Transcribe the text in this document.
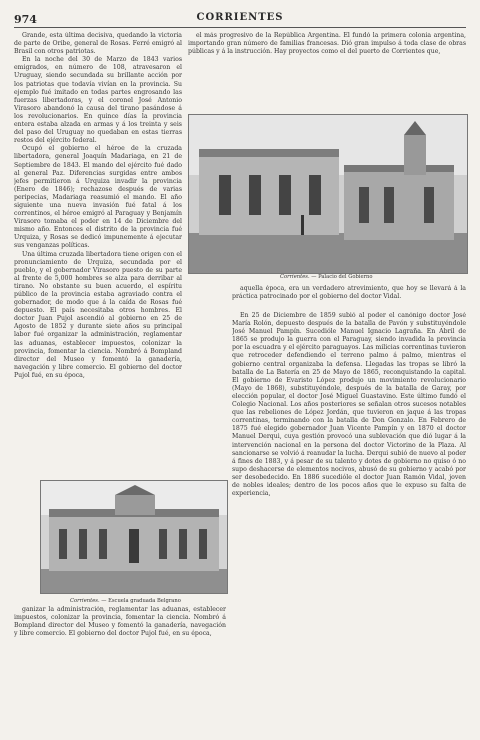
974	CORRIENTES

Grande, esta última decisiva, quedando la victoria de parte de Oribe, general de Rosas. Ferré emigró al Brasil con otros patriotas.

En la noche del 30 de Marzo de 1843 varios emigrados, en número de 108, atravesaron el Uruguay, siendo secundada su brillante acción por los patriotas que todavía vivían en la provincia. Su ejemplo fué imitado en todas partes engrosando las fuerzas libertadoras, y el coronel José Antonio Virasoro abandonó la causa del tirano pasándose á los revolucionarios. En quince días la provincia entera estaba alzada en armas y á los treinta y seis del paso del Uruguay no quedaban en estas tierras restos del ejército federal.

Ocupó el gobierno el héroe de la cruzada libertadora, general Joaquín Madariaga, en 21 de Septiembre de 1843. El mando del ejército fué dado al general Paz. Diferencias surgidas entre ambos jefes permitieron á Urquiza invadir la provincia (Enero de 1846); rechazose después de varias peripecias, Madariaga reasumió el mando. El año siguiente una nueva invasión fué fatal á los correntinos, el héroe emigró al Paraguay y Benjamín Virasoro tomaba el poder en 14 de Diciembre del mismo año. Entonces el distrito de la provincia fué Urquiza, y Rosas se dedicó impunemente á ejecutar sus venganzas políticas.

Una última cruzada libertadora tiene origen con el pronunciamiento de Urquiza, secundada por el pueblo, y el gobernador Virasoro puesto de su parte al frente de 5,000 hombres se alza para derribar al tirano. No obstante su buen acuerdo, el espíritu público de la provincia estaba agraviado contra el gobernador, de modo que á la caída de Rosas fué depuesto. El país necesitaba otros hombres. El doctor Juan Pujol ascendió al gobierno en 25 de Agosto de 1852 y durante siete años su principal labor fué organizar la administración, reglamentar las aduanas, establecer impuestos, colonizar la provincia, fomentar la ciencia. Nombró á Bompland director del Museo y fomentó la ganadería, navegación y libre comercio. El gobierno del doctor Pujol fué, en su época,

el más progresivo de la República Argentina. Él fundó la primera colonia argentina, importando gran número de familias francesas. Dió gran impulso á toda clase de obras públicas y á la instrucción. Hay proyectos como el del puerto de Corrientes que,

Corrientes. — Palacio del Gobierno

aquella época, era un verdadero atrevimiento, que hoy se llevará á la práctica patrocinado por el gobierno del doctor Vidal.

En 25 de Diciembre de 1859 subió al poder el canónigo doctor José María Rolón, depuesto después de la batalla de Pavón y substituyéndole José Manuel Pampín. Sucedióle Manuel Ignacio Lagraña. En Abril de 1865 se produjo la guerra con el Paraguay, siendo invadida la provincia por la escuadra y el ejército paraguayos. Las milicias correntinas tuvieron que retroceder defendiendo el terreno palmo á palmo, mientras el gobierno central organizaba la defensa. Llegadas las tropas se libró la batalla de La Batería en 25 de Mayo de 1865, reconquistando la capital. El gobierno de Evaristo López produjo un movimiento revolucionario (Mayo de 1868), substituyéndole, después de la batalla de Garay, por elección popular, el doctor José Miguel Guastavino. Este último fundó el Colegio Nacional. Los años posteriores se señalan otros sucesos notables que las rebeliones de López Jordán, que tuvieron en jaque á las tropas correntinas, terminando con la batalla de Don Gonzalo. En Febrero de 1875 fué elegido gobernador Juan Vicente Pampín y en 1870 el doctor Manuel Derqui, cuya gestión provocó una sublevación que dió lugar á la intervención nacional en la persona del doctor Victorino de la Plaza. Al sancionarse se volvió á reanudar la lucha. Derqui subió de nuevo al poder á fines de 1883, y á pesar de su talento y dotes de gobierno no quiso ó no supo deshacerse de elementos nocivos, abusó de su gobierno y acabó por ser desobedecido. En 1886 sucedióle el doctor Juan Ramón Vidal, joven de nobles ideales; dentro de los pocos años que le expuso su falta de experiencia,

Corrientes. — Escuela graduada Belgrano

ganizar la administración, reglamentar las aduanas, establecer impuestos, colonizar la provincia, fomentar la ciencia. Nombró á Bompland director del Museo y fomentó la ganadería, navegación y libre comercio. El gobierno del doctor Pujol fué, en su época,
